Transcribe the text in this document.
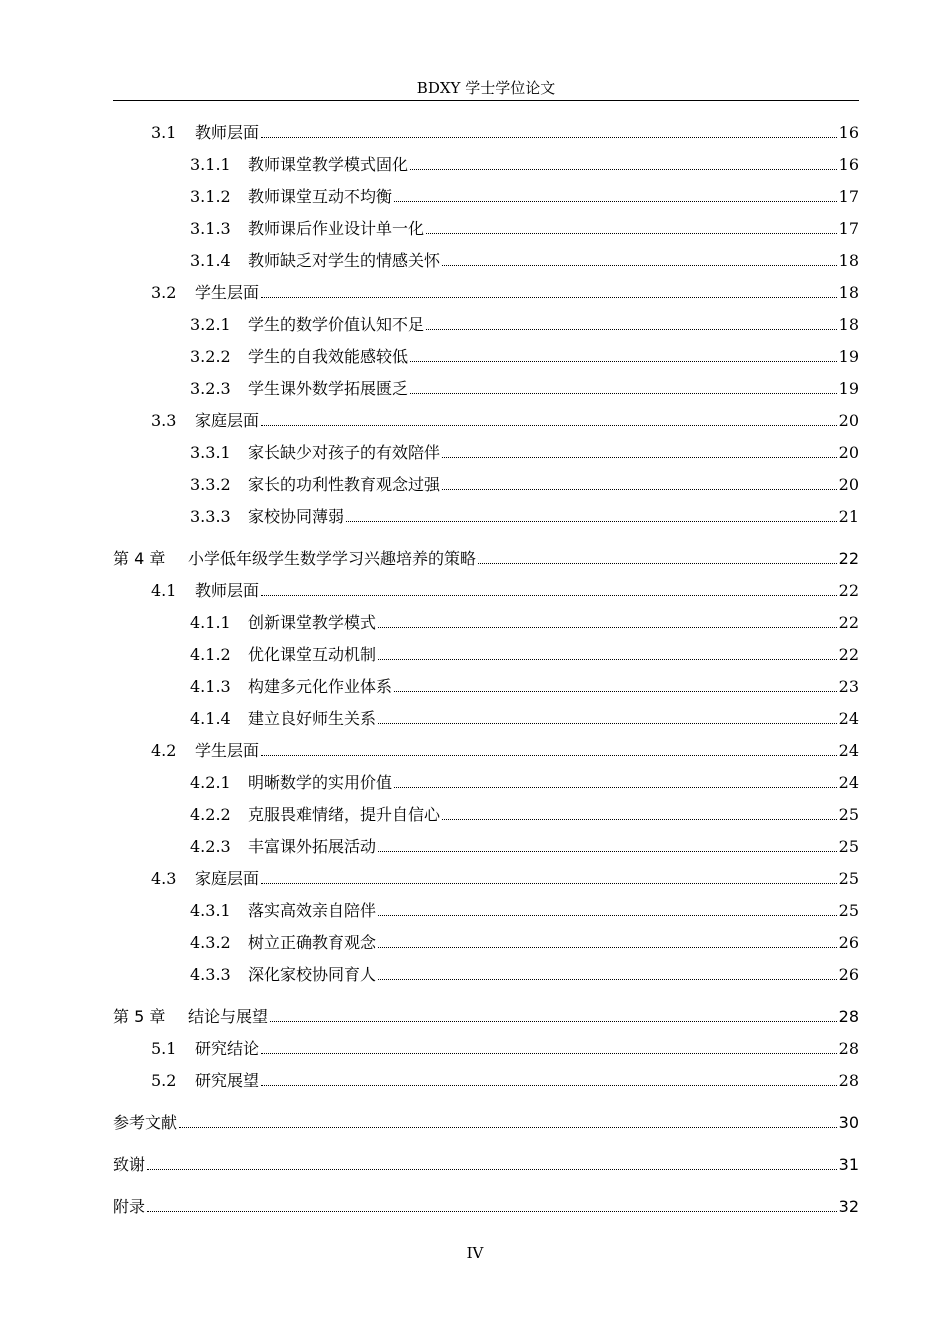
BDXY 学士学位论文
3.1	教师层面	16
3.1.1	教师课堂教学模式固化	16
3.1.2	教师课堂互动不均衡	17
3.1.3	教师课后作业设计单一化	17
3.1.4	教师缺乏对学生的情感关怀	18
3.2	学生层面	18
3.2.1	学生的数学价值认知不足	18
3.2.2	学生的自我效能感较低	19
3.2.3	学生课外数学拓展匮乏	19
3.3	家庭层面	20
3.3.1	家长缺少对孩子的有效陪伴	20
3.3.2	家长的功利性教育观念过强	20
3.3.3	家校协同薄弱	21
第 4 章	小学低年级学生数学学习兴趣培养的策略	22
4.1	教师层面	22
4.1.1	创新课堂教学模式	22
4.1.2	优化课堂互动机制	22
4.1.3	构建多元化作业体系	23
4.1.4	建立良好师生关系	24
4.2	学生层面	24
4.2.1	明晰数学的实用价值	24
4.2.2	克服畏难情绪，提升自信心	25
4.2.3	丰富课外拓展活动	25
4.3	家庭层面	25
4.3.1	落实高效亲自陪伴	25
4.3.2	树立正确教育观念	26
4.3.3	深化家校协同育人	26
第 5 章	结论与展望	28
5.1	研究结论	28
5.2	研究展望	28
参考文献	30
致谢	31
附录	32
IV
